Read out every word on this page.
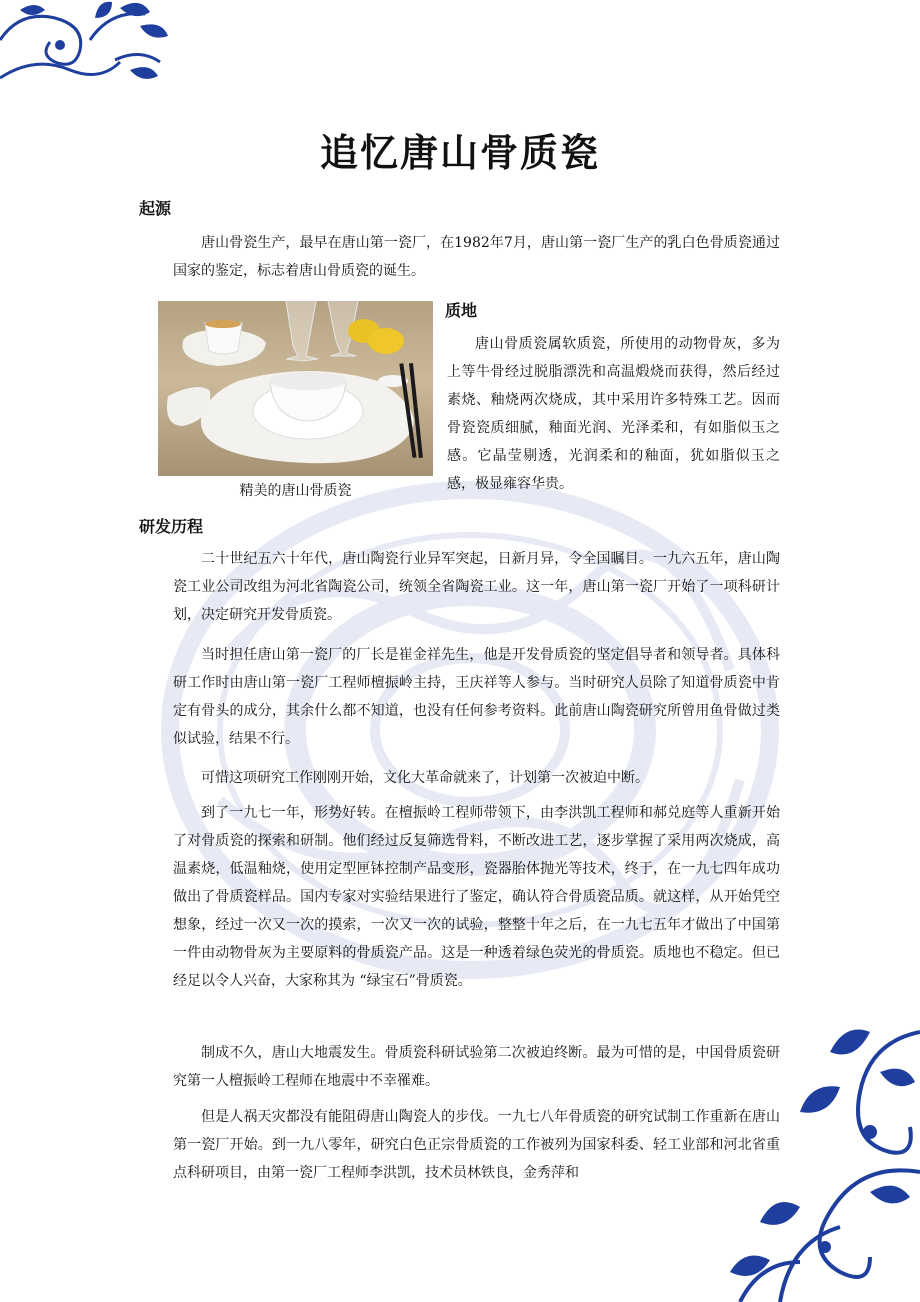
追忆唐山骨质瓷
起源

唐山骨瓷生产，最早在唐山第一瓷厂，在1982年7月，唐山第一瓷厂生产的乳白色骨质瓷通过国家的鉴定，标志着唐山骨质瓷的诞生。

精美的唐山骨质瓷
质地

唐山骨质瓷属软质瓷，所使用的动物骨灰，多为上等牛骨经过脱脂漂洗和高温煅烧而获得，然后经过素烧、釉烧两次烧成，其中采用许多特殊工艺。因而骨瓷瓷质细腻，釉面光润、光泽柔和，有如脂似玉之感。它晶莹剔透，光润柔和的釉面，犹如脂似玉之感，极显雍容华贵。

研发历程

二十世纪五六十年代，唐山陶瓷行业异军突起，日新月异，令全国瞩目。一九六五年，唐山陶瓷工业公司改组为河北省陶瓷公司，统领全省陶瓷工业。这一年，唐山第一瓷厂开始了一项科研计划，决定研究开发骨质瓷。

当时担任唐山第一瓷厂的厂长是崔金祥先生，他是开发骨质瓷的坚定倡导者和领导者。具体科研工作时由唐山第一瓷厂工程师檀振岭主持，王庆祥等人参与。当时研究人员除了知道骨质瓷中肯定有骨头的成分，其余什么都不知道，也没有任何参考资料。此前唐山陶瓷研究所曾用鱼骨做过类似试验，结果不行。

可惜这项研究工作刚刚开始，文化大革命就来了，计划第一次被迫中断。

到了一九七一年，形势好转。在檀振岭工程师带领下，由李洪凯工程师和郝兑庭等人重新开始了对骨质瓷的探索和研制。他们经过反复筛选骨料，不断改进工艺，逐步掌握了采用两次烧成，高温素烧，低温釉烧，使用定型匣钵控制产品变形，瓷器胎体抛光等技术，终于，在一九七四年成功做出了骨质瓷样品。国内专家对实验结果进行了鉴定，确认符合骨质瓷品质。就这样，从开始凭空想象，经过一次又一次的摸索，一次又一次的试验，整整十年之后，在一九七五年才做出了中国第一件由动物骨灰为主要原料的骨质瓷产品。这是一种透着绿色荧光的骨质瓷。质地也不稳定。但已经足以令人兴奋，大家称其为 “绿宝石”骨质瓷。

制成不久，唐山大地震发生。骨质瓷科研试验第二次被迫终断。最为可惜的是，中国骨质瓷研究第一人檀振岭工程师在地震中不幸罹难。

但是人祸天灾都没有能阻碍唐山陶瓷人的步伐。一九七八年骨质瓷的研究试制工作重新在唐山第一瓷厂开始。到一九八零年，研究白色正宗骨质瓷的工作被列为国家科委、轻工业部和河北省重点科研项目，由第一瓷厂工程师李洪凯，技术员林铁良，金秀萍和
